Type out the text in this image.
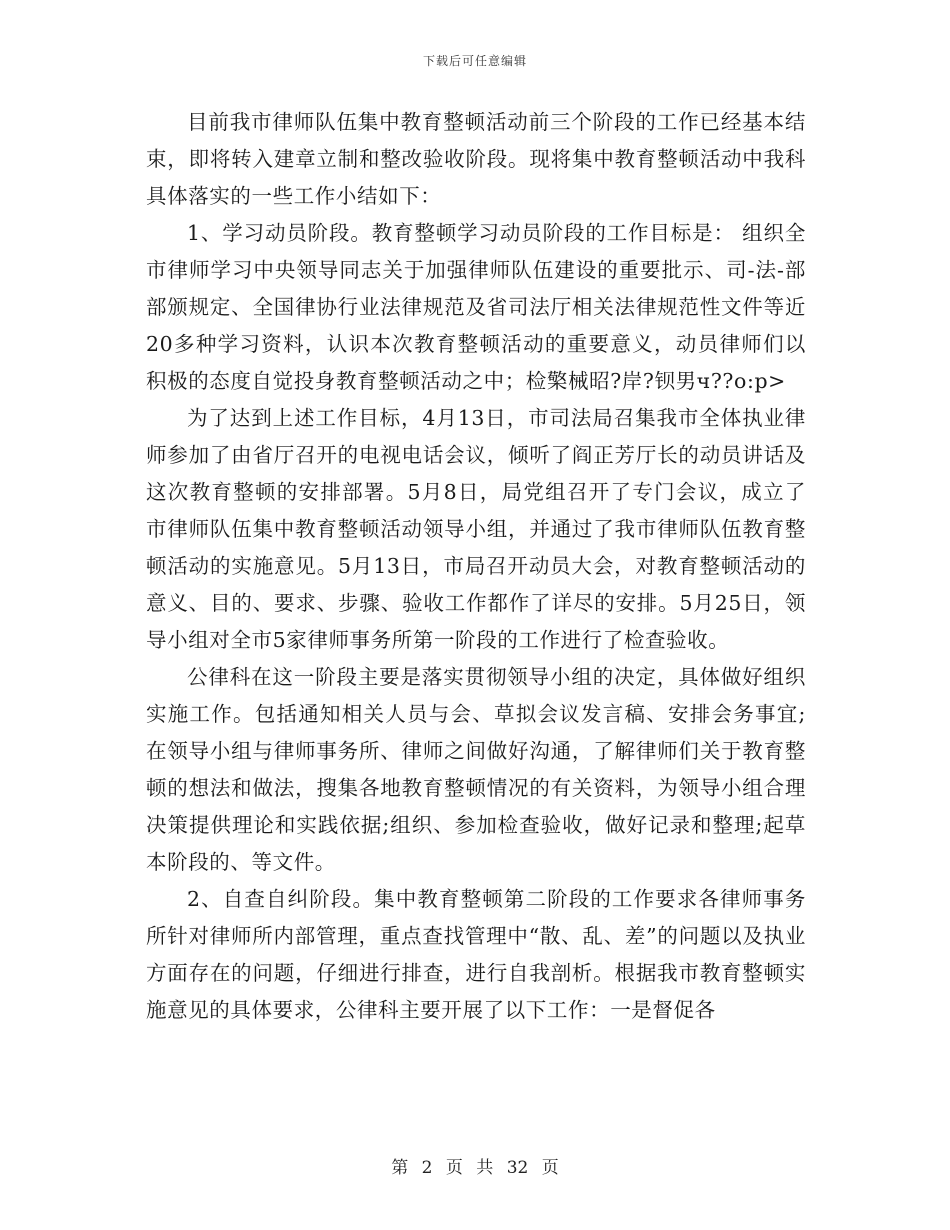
下载后可任意编辑

目前我市律师队伍集中教育整顿活动前三个阶段的工作已经基本结束，即将转入建章立制和整改验收阶段。现将集中教育整顿活动中我科具体落实的一些工作小结如下：

1、学习动员阶段。教育整顿学习动员阶段的工作目标是： 组织全市律师学习中央领导同志关于加强律师队伍建设的重要批示、司-法-部部颁规定、全国律协行业法律规范及省司法厅相关法律规范性文件等近20多种学习资料，认识本次教育整顿活动的重要意义，动员律师们以积极的态度自觉投身教育整顿活动之中；检檠械昭?岸?钡男ч??o:p>

为了达到上述工作目标，4月13日，市司法局召集我市全体执业律师参加了由省厅召开的电视电话会议，倾听了阎正芳厅长的动员讲话及这次教育整顿的安排部署。5月8日，局党组召开了专门会议，成立了市律师队伍集中教育整顿活动领导小组，并通过了我市律师队伍教育整顿活动的实施意见。5月13日，市局召开动员大会，对教育整顿活动的意义、目的、要求、步骤、验收工作都作了详尽的安排。5月25日，领导小组对全市5家律师事务所第一阶段的工作进行了检查验收。

公律科在这一阶段主要是落实贯彻领导小组的决定，具体做好组织实施工作。包括通知相关人员与会、草拟会议发言稿、安排会务事宜;在领导小组与律师事务所、律师之间做好沟通，了解律师们关于教育整顿的想法和做法，搜集各地教育整顿情况的有关资料，为领导小组合理决策提供理论和实践依据;组织、参加检查验收，做好记录和整理;起草本阶段的、等文件。

2、自查自纠阶段。集中教育整顿第二阶段的工作要求各律师事务所针对律师所内部管理，重点查找管理中“散、乱、差”的问题以及执业方面存在的问题，仔细进行排查，进行自我剖析。根据我市教育整顿实施意见的具体要求，公律科主要开展了以下工作：一是督促各

第 2 页 共 32 页
